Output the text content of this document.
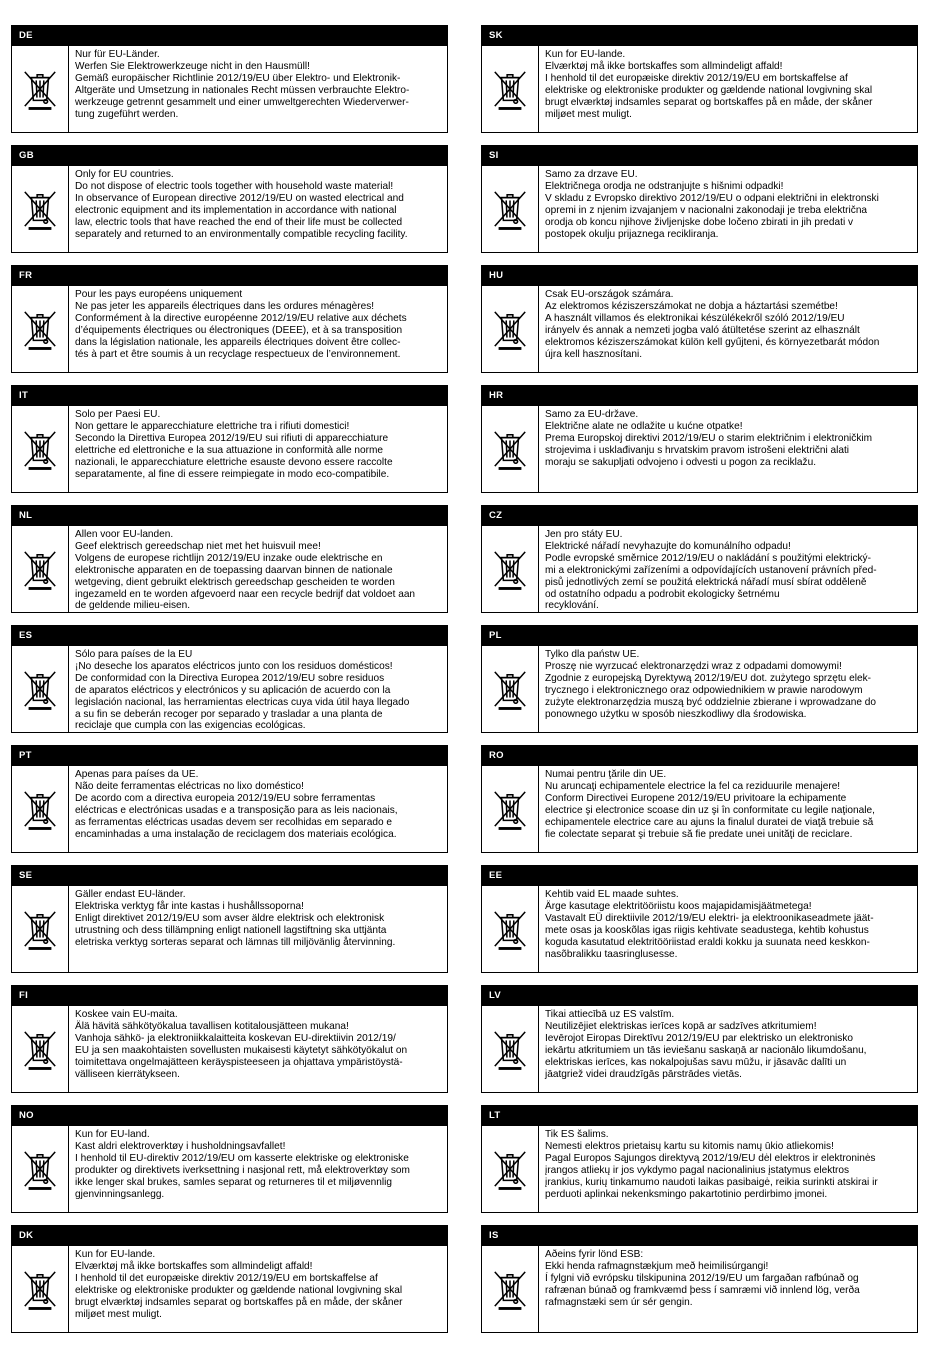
DE

Nur für EU-Länder.
Werfen Sie Elektrowerkzeuge nicht in den Hausmüll!
Gemäß europäischer Richtlinie 2012/19/EU über Elektro- und Elektronik-
Altgeräte und Umsetzung in nationales Recht müssen verbrauchte Elektro-
werkzeuge getrennt gesammelt und einer umweltgerechten Wiederverwer-
tung zugeführt werden.

GB

Only for EU countries.
Do not dispose of electric tools together with household waste material!
In observance of European directive 2012/19/EU on wasted electrical and
electronic equipment and its implementation in accordance with national
law, electric tools that have reached the end of their life must be collected
separately and returned to an environmentally compatible recycling facility.

FR

Pour les pays européens uniquement
Ne pas jeter les appareils électriques dans les ordures ménagères!
Conformément à la directive européenne 2012/19/EU relative aux déchets
d’équipements électriques ou électroniques (DEEE), et à sa transposition
dans la législation nationale, les appareils électriques doivent être collec-
tés à part et être soumis à un recyclage respectueux de l’environnement.

IT

Solo per Paesi EU.
Non gettare le apparecchiature elettriche tra i rifiuti domestici!
Secondo la Direttiva Europea 2012/19/EU sui rifiuti di apparecchiature
elettriche ed elettroniche e la sua attuazione in conformità alle norme
nazionali, le apparecchiature elettriche esauste devono essere raccolte
separatamente, al fine di essere reimpiegate in modo eco-compatibile.

NL

Allen voor EU-landen.
Geef elektrisch gereedschap niet met het huisvuil mee!
Volgens de europese richtlijn 2012/19/EU inzake oude elektrische en
elektronische apparaten en de toepassing daarvan binnen de nationale
wetgeving, dient gebruikt elektrisch gereedschap gescheiden te worden
ingezameld en te worden afgevoerd naar een recycle bedrijf dat voldoet aan
de geldende milieu-eisen.

ES

Sólo para países de la EU
¡No deseche los aparatos eléctricos junto con los residuos domésticos!
De conformidad con la Directiva Europea 2012/19/EU sobre residuos
de aparatos eléctricos y electrónicos y su aplicación de acuerdo con la
legislación nacional, las herramientas electricas cuya vida útil haya llegado
a su fin se deberán recoger por separado y trasladar a una planta de
reciclaje que cumpla con las exigencias ecológicas.

PT

Apenas para países da UE.
Não deite ferramentas eléctricas no lixo doméstico!
De acordo com a directiva europeia 2012/19/EU sobre ferramentas
eléctricas e electrónicas usadas e a transposição para as leis nacionais,
as ferramentas eléctricas usadas devem ser recolhidas em separado e
encaminhadas a uma instalação de reciclagem dos materiais ecológica.

SE

Gäller endast EU-länder.
Elektriska verktyg får inte kastas i hushållssoporna!
Enligt direktivet 2012/19/EU som avser äldre elektrisk och elektronisk
utrustning och dess tillämpning enligt nationell lagstiftning ska uttjänta
eletriska verktyg sorteras separat och lämnas till miljövänlig återvinning.

FI

Koskee vain EU-maita.
Älä hävitä sähkötyökalua tavallisen kotitalousjätteen mukana!
Vanhoja sähkö- ja elektroniikkalaitteita koskevan EU-direktiivin 2012/19/
EU ja sen maakohtaisten sovellusten mukaisesti käytetyt sähkötyökalut on
toimitettava ongelmajätteen keräyspisteeseen ja ohjattava ympäristöystä-
välliseen kierrätykseen.

NO

Kun for EU-land.
Kast aldri elektroverktøy i husholdningsavfallet!
I henhold til EU-direktiv 2012/19/EU om kasserte elektriske og elektroniske
produkter og direktivets iverksettning i nasjonal rett, må elektroverktøy som
ikke lenger skal brukes, samles separat og returneres til et miljøvennlig
gjenvinningsanlegg.

DK

Kun for EU-lande.
Elværktøj må ikke bortskaffes som allmindeligt affald!
I henhold til det europæiske direktiv 2012/19/EU em bortskaffelse af
elektriske og elektroniske produkter og gældende national lovgivning skal
brugt elværktøj indsamles separat og bortskaffes på en måde, der skåner
miljøet mest muligt.

SK

Kun for EU-lande.
Elværktøj må ikke bortskaffes som allmindeligt affald!
I henhold til det europæiske direktiv 2012/19/EU em bortskaffelse af
elektriske og elektroniske produkter og gældende national lovgivning skal
brugt elværktøj indsamles separat og bortskaffes på en måde, der skåner
miljøet mest muligt.

SI

Samo za drzave EU.
Električnega orodja ne odstranjujte s hišnimi odpadki!
V skladu z Evropsko direktivo 2012/19/EU o odpani električni in elektronski
opremi in z njenim izvajanjem v nacionalni zakonodaji je treba električna
orodja ob koncu njihove življenjske dobe ločeno zbirati in jih predati v
postopek okulju prijaznega recikliranja.

HU

Csak EU-országok számára.
Az elektromos kéziszerszámokat ne dobja a háztartási szemétbe!
A használt villamos és elektronikai készülékekről szóló 2012/19/EU
irányelv és annak a nemzeti jogba való átültetése szerint az elhasznált
elektromos kéziszerszámokat külön kell gyűjteni, és környezetbarát módon
újra kell hasznosítani.

HR

Samo za EU-države.
Električne alate ne odlažite u kućne otpatke!
Prema Europskoj direktivi 2012/19/EU o starim električnim i elektroničkim
strojevima i usklađivanju s hrvatskim pravom istrošeni električni alati
moraju se sakupljati odvojeno i odvesti u pogon za reciklažu.

CZ

Jen pro státy EU.
Elektrické nářadí nevyhazujte do komunálního odpadu!
Podle evropské směrnice 2012/19/EU o nakládání s použitými elektrický-
mi a elektronickými zařízeními a odpovídajících ustanovení právních před-
pisů jednotlivých zemí se použitá elektrická nářadí musí sbírat odděleně
od ostatního odpadu a podrobit ekologicky šetrnému
recyklování.

PL

Tylko dla państw UE.
Proszę nie wyrzucać elektronarzędzi wraz z odpadami domowymi!
Zgodnie z europejską Dyrektywą 2012/19/EU dot. zużytego sprzętu elek-
trycznego i elektronicznego oraz odpowiednikiem w prawie narodowym
zużyte elektronarzędzia muszą być oddzielnie zbierane i wprowadzane do
ponownego użytku w sposób nieszkodliwy dla środowiska.

RO

Numai pentru ţările din UE.
Nu aruncaţi echipamentele electrice la fel ca reziduurile menajere!
Conform Directivei Europene 2012/19/EU privitoare la echipamente
electrice şi electronice scoase din uz şi în conformitate cu legile naţionale,
echipamentele electrice care au ajuns la finalul duratei de viaţă trebuie să
fie colectate separat şi trebuie să fie predate unei unităţi de reciclare.

EE

Kehtib vaid EL maade suhtes.
Ärge kasutage elektritööriistu koos majapidamisjäätmetega!
Vastavalt EÜ direktiivile 2012/19/EU elektri- ja elektroonikaseadmete jäät-
mete osas ja kooskõlas igas riigis kehtivate seadustega, kehtib kohustus
koguda kasutatud elektritööriistad eraldi kokku ja suunata need keskkon-
nasõbralikku taasringlusesse.

LV

Tikai attiecībā uz ES valstīm.
Neutilizējiet elektriskas ierīces kopā ar sadzīves atkritumiem!
Ievērojot Eiropas Direktīvu 2012/19/EU par elektrisko un elektronisko
iekārtu atkritumiem un tās ieviešanu saskaņā ar nacionālo likumdošanu,
elektriskas ierīces, kas nokalpojušas savu mūžu, ir jāsavāc dalīti un
jāatgriež videi draudzīgās pārstrādes vietās.

LT

Tik ES šalims.
Nemesti elektros prietaisų kartu su kitomis namų ūkio atliekomis!
Pagal Europos Sąjungos direktyvą 2012/19/EU dėl elektros ir elektroninės
įrangos atliekų ir jos vykdymo pagal nacionalinius įstatymus elektros
įrankius, kurių tinkamumo naudoti laikas pasibaigė, reikia surinkti atskirai ir
perduoti aplinkai nekenksmingo pakartotinio perdirbimo įmonei.

IS

Aðeins fyrir lönd ESB:
Ekki henda rafmagnstækjum með heimilisúrgangi!
Í fylgni við evrópsku tilskipunina 2012/19/EU um fargaðan rafbúnað og
rafrænan búnað og framkvæmd þess í samræmi við innlend lög, verða
rafmagnstæki sem úr sér gengin.
